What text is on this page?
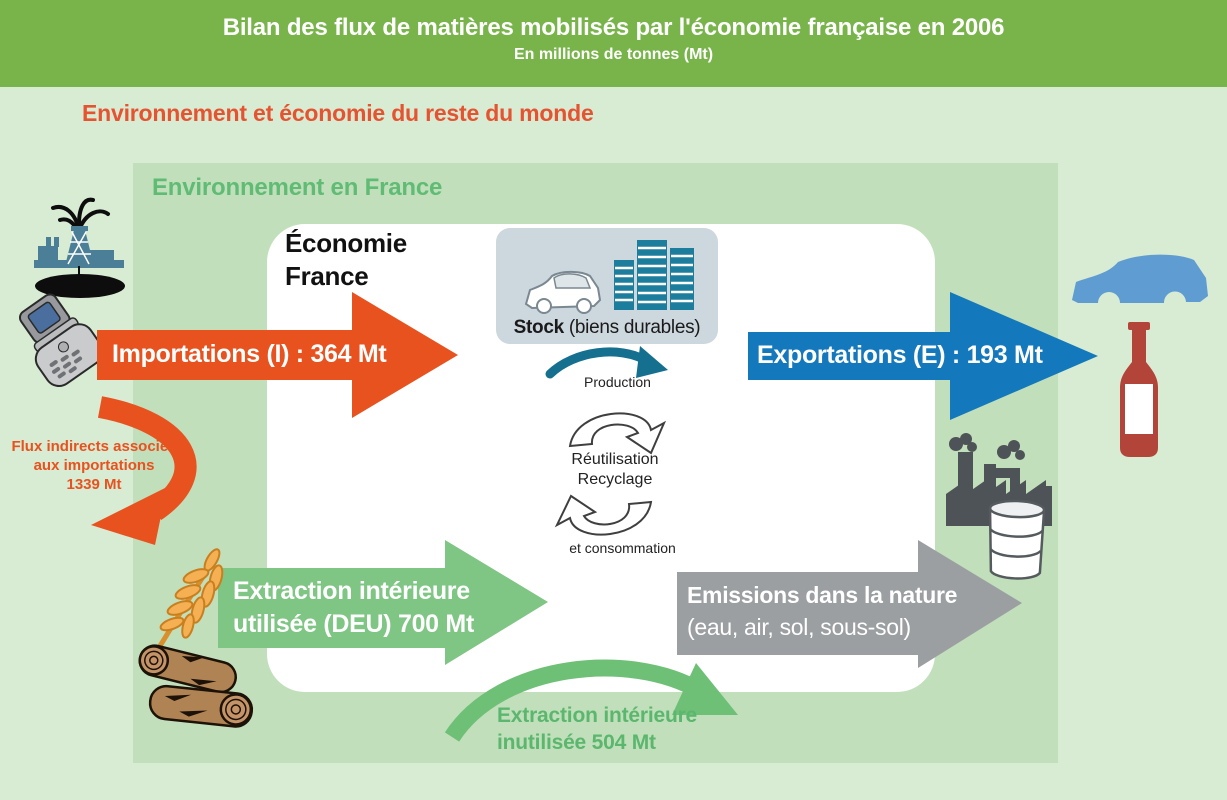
Bilan des flux de matières mobilisés par l'économie française en 2006
En millions de tonnes (Mt)
Environnement et économie du reste du monde
Environnement en France
Économie
France
Importations (I) : 364 Mt
Flux indirects associés
aux importations
1339 Mt
Stock (biens durables)
Production
Réutilisation
Recyclage
et consommation
Exportations (E) : 193 Mt
Extraction intérieure
utilisée (DEU) 700 Mt
Emissions dans la nature
(eau, air, sol, sous-sol)
Extraction intérieure
inutilisée 504 Mt
